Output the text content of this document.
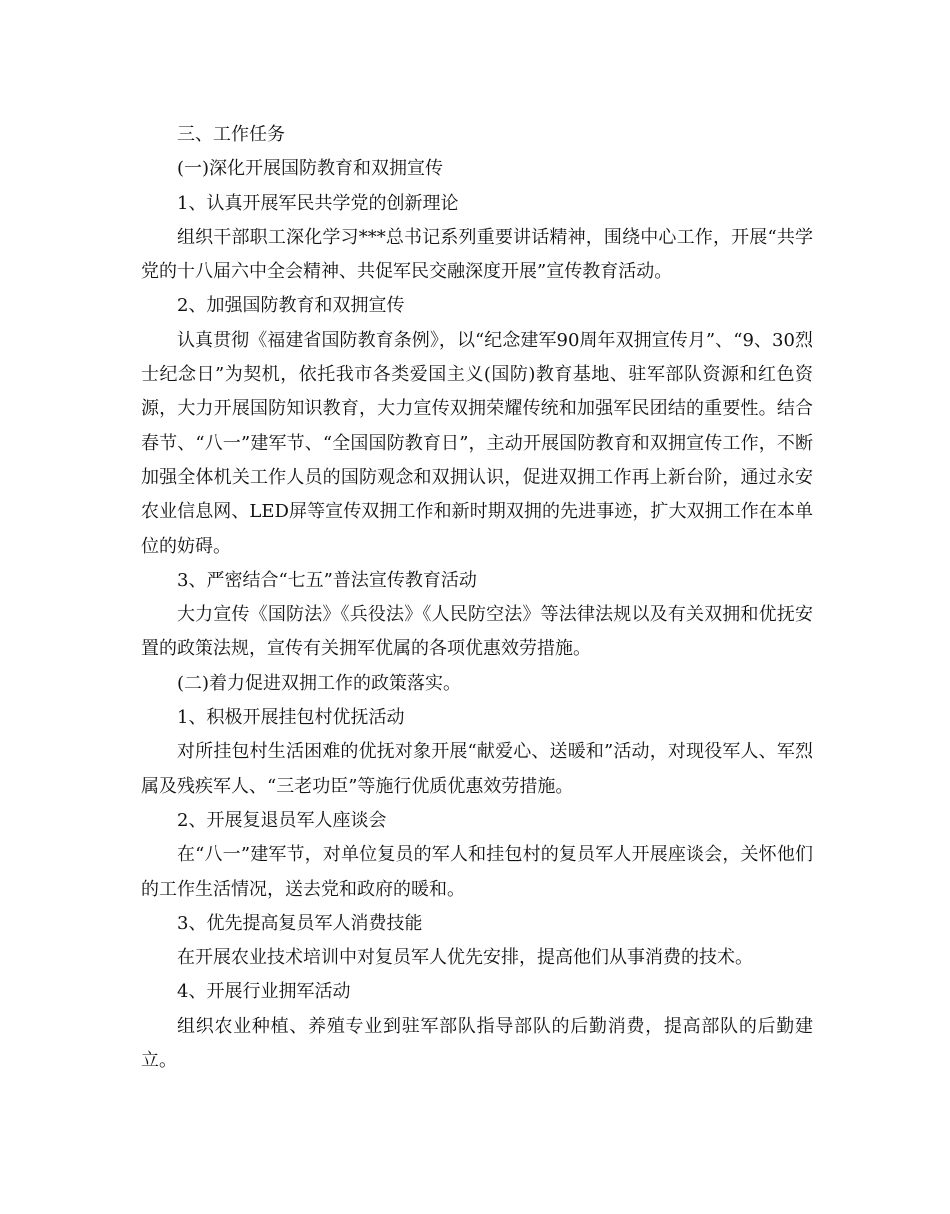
三、工作任务

(一)深化开展国防教育和双拥宣传

1、认真开展军民共学党的创新理论

组织干部职工深化学习***总书记系列重要讲话精神，围绕中心工作，开展“共学党的十八届六中全会精神、共促军民交融深度开展”宣传教育活动。

2、加强国防教育和双拥宣传

认真贯彻《福建省国防教育条例》，以“纪念建军90周年双拥宣传月”、“9、30烈士纪念日”为契机，依托我市各类爱国主义(国防)教育基地、驻军部队资源和红色资源，大力开展国防知识教育，大力宣传双拥荣耀传统和加强军民团结的重要性。结合春节、“八一”建军节、“全国国防教育日”，主动开展国防教育和双拥宣传工作，不断加强全体机关工作人员的国防观念和双拥认识，促进双拥工作再上新台阶，通过永安农业信息网、LED屏等宣传双拥工作和新时期双拥的先进事迹，扩大双拥工作在本单位的妨碍。

3、严密结合“七五”普法宣传教育活动

大力宣传《国防法》《兵役法》《人民防空法》等法律法规以及有关双拥和优抚安置的政策法规，宣传有关拥军优属的各项优惠效劳措施。

(二)着力促进双拥工作的政策落实。

1、积极开展挂包村优抚活动

对所挂包村生活困难的优抚对象开展“献爱心、送暖和”活动，对现役军人、军烈属及残疾军人、“三老功臣”等施行优质优惠效劳措施。

2、开展复退员军人座谈会

在“八一”建军节，对单位复员的军人和挂包村的复员军人开展座谈会，关怀他们的工作生活情况，送去党和政府的暖和。

3、优先提高复员军人消费技能

在开展农业技术培训中对复员军人优先安排，提高他们从事消费的技术。

4、开展行业拥军活动

组织农业种植、养殖专业到驻军部队指导部队的后勤消费，提高部队的后勤建立。
